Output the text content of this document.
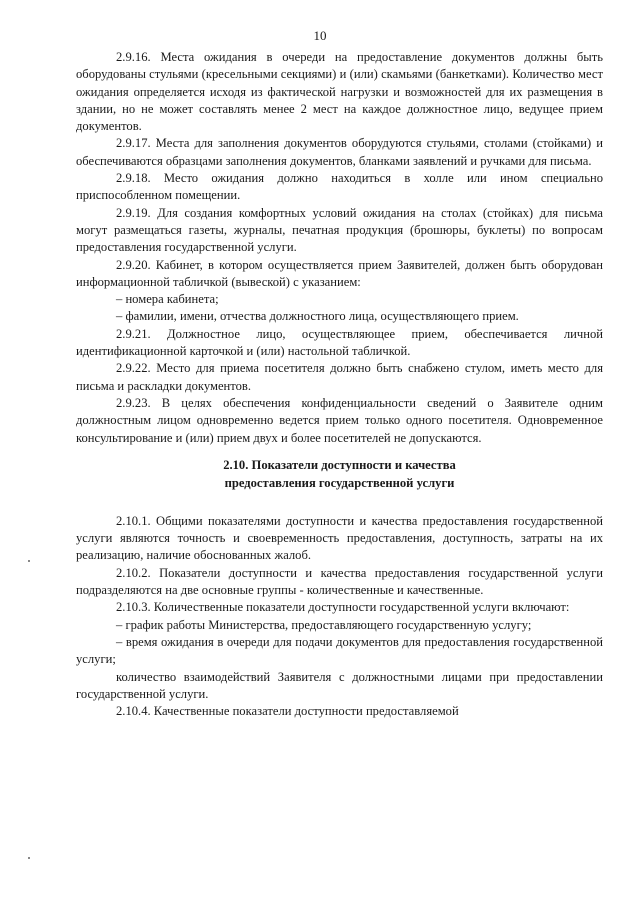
10

2.9.16. Места ожидания в очереди на предоставление документов должны быть оборудованы стульями (кресельными секциями) и (или) скамьями (банкетками). Количество мест ожидания определяется исходя из фактической нагрузки и возможностей для их размещения в здании, но не может составлять менее 2 мест на каждое должностное лицо, ведущее прием документов.

2.9.17. Места для заполнения документов оборудуются стульями, столами (стойками) и обеспечиваются образцами заполнения документов, бланками заявлений и ручками для письма.

2.9.18. Место ожидания должно находиться в холле или ином специально приспособленном помещении.

2.9.19. Для создания комфортных условий ожидания на столах (стойках) для письма могут размещаться газеты, журналы, печатная продукция (брошюры, буклеты) по вопросам предоставления государственной услуги.

2.9.20. Кабинет, в котором осуществляется прием Заявителей, должен быть оборудован информационной табличкой (вывеской) с указанием:

– номера кабинета;

– фамилии, имени, отчества должностного лица, осуществляющего прием.

2.9.21. Должностное лицо, осуществляющее прием, обеспечивается личной идентификационной карточкой и (или) настольной табличкой.

2.9.22. Место для приема посетителя должно быть снабжено стулом, иметь место для письма и раскладки документов.

2.9.23. В целях обеспечения конфиденциальности сведений о Заявителе одним должностным лицом одновременно ведется прием только одного посетителя. Одновременное консультирование и (или) прием двух и более посетителей не допускаются.

2.10. Показатели доступности и качества
предоставления государственной услуги

2.10.1. Общими показателями доступности и качества предоставления государственной услуги являются точность и своевременность предоставления, доступность, затраты на их реализацию, наличие обоснованных жалоб.

2.10.2. Показатели доступности и качества предоставления государственной услуги подразделяются на две основные группы - количественные и качественные.

2.10.3. Количественные показатели доступности государственной услуги включают:

– график работы Министерства, предоставляющего государственную услугу;

– время ожидания в очереди для подачи документов для предоставления государственной услуги;

количество взаимодействий Заявителя с должностными лицами при предоставлении государственной услуги.

2.10.4. Качественные показатели доступности предоставляемой
